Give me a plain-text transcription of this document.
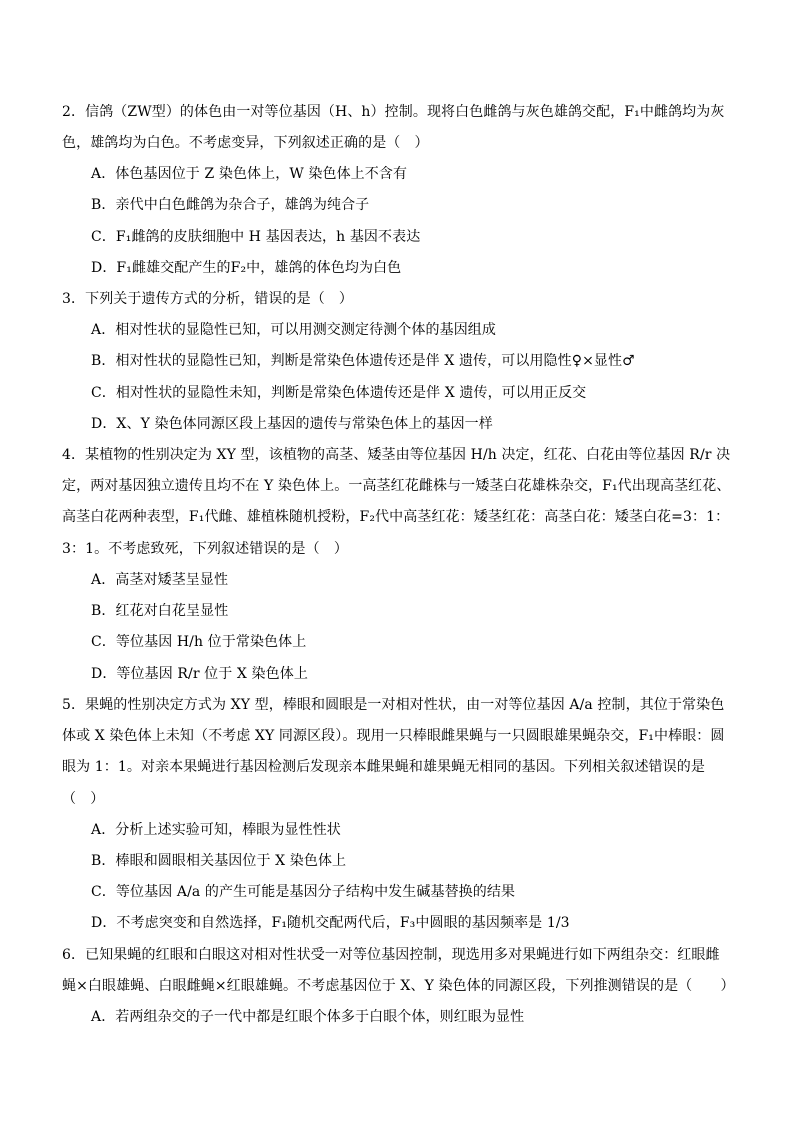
2．信鸽（ZW型）的体色由一对等位基因（H、h）控制。现将白色雌鸽与灰色雄鸽交配，F₁中雌鸽均为灰
色，雄鸽均为白色。不考虑变异，下列叙述正确的是（　）
A．体色基因位于 Z 染色体上，W 染色体上不含有
B．亲代中白色雌鸽为杂合子，雄鸽为纯合子
C．F₁雌鸽的皮肤细胞中 H 基因表达，h 基因不表达
D．F₁雌雄交配产生的F₂中，雄鸽的体色均为白色
3．下列关于遗传方式的分析，错误的是（　）
A．相对性状的显隐性已知，可以用测交测定待测个体的基因组成
B．相对性状的显隐性已知，判断是常染色体遗传还是伴 X 遗传，可以用隐性♀×显性♂
C．相对性状的显隐性未知，判断是常染色体遗传还是伴 X 遗传，可以用正反交
D．X、Y 染色体同源区段上基因的遗传与常染色体上的基因一样
4．某植物的性别决定为 XY 型，该植物的高茎、矮茎由等位基因 H/h 决定，红花、白花由等位基因 R/r 决
定，两对基因独立遗传且均不在 Y 染色体上。一高茎红花雌株与一矮茎白花雄株杂交，F₁代出现高茎红花、
高茎白花两种表型，F₁代雌、雄植株随机授粉，F₂代中高茎红花：矮茎红花：高茎白花：矮茎白花=3：1：
3：1。不考虑致死，下列叙述错误的是（　）
A．高茎对矮茎呈显性
B．红花对白花呈显性
C．等位基因 H/h 位于常染色体上
D．等位基因 R/r 位于 X 染色体上
5．果蝇的性别决定方式为 XY 型，棒眼和圆眼是一对相对性状，由一对等位基因 A/a 控制，其位于常染色
体或 X 染色体上未知（不考虑 XY 同源区段）。现用一只棒眼雌果蝇与一只圆眼雄果蝇杂交，F₁中棒眼：圆
眼为 1：1。对亲本果蝇进行基因检测后发现亲本雌果蝇和雄果蝇无相同的基因。下列相关叙述错误的是
（　）
A．分析上述实验可知，棒眼为显性性状
B．棒眼和圆眼相关基因位于 X 染色体上
C．等位基因 A/a 的产生可能是基因分子结构中发生碱基替换的结果
D．不考虑突变和自然选择，F₁随机交配两代后，F₃中圆眼的基因频率是 1/3
6．已知果蝇的红眼和白眼这对相对性状受一对等位基因控制，现选用多对果蝇进行如下两组杂交：红眼雌
蝇×白眼雄蝇、白眼雌蝇×红眼雄蝇。不考虑基因位于 X、Y 染色体的同源区段，下列推测错误的是（　　）
A．若两组杂交的子一代中都是红眼个体多于白眼个体，则红眼为显性
